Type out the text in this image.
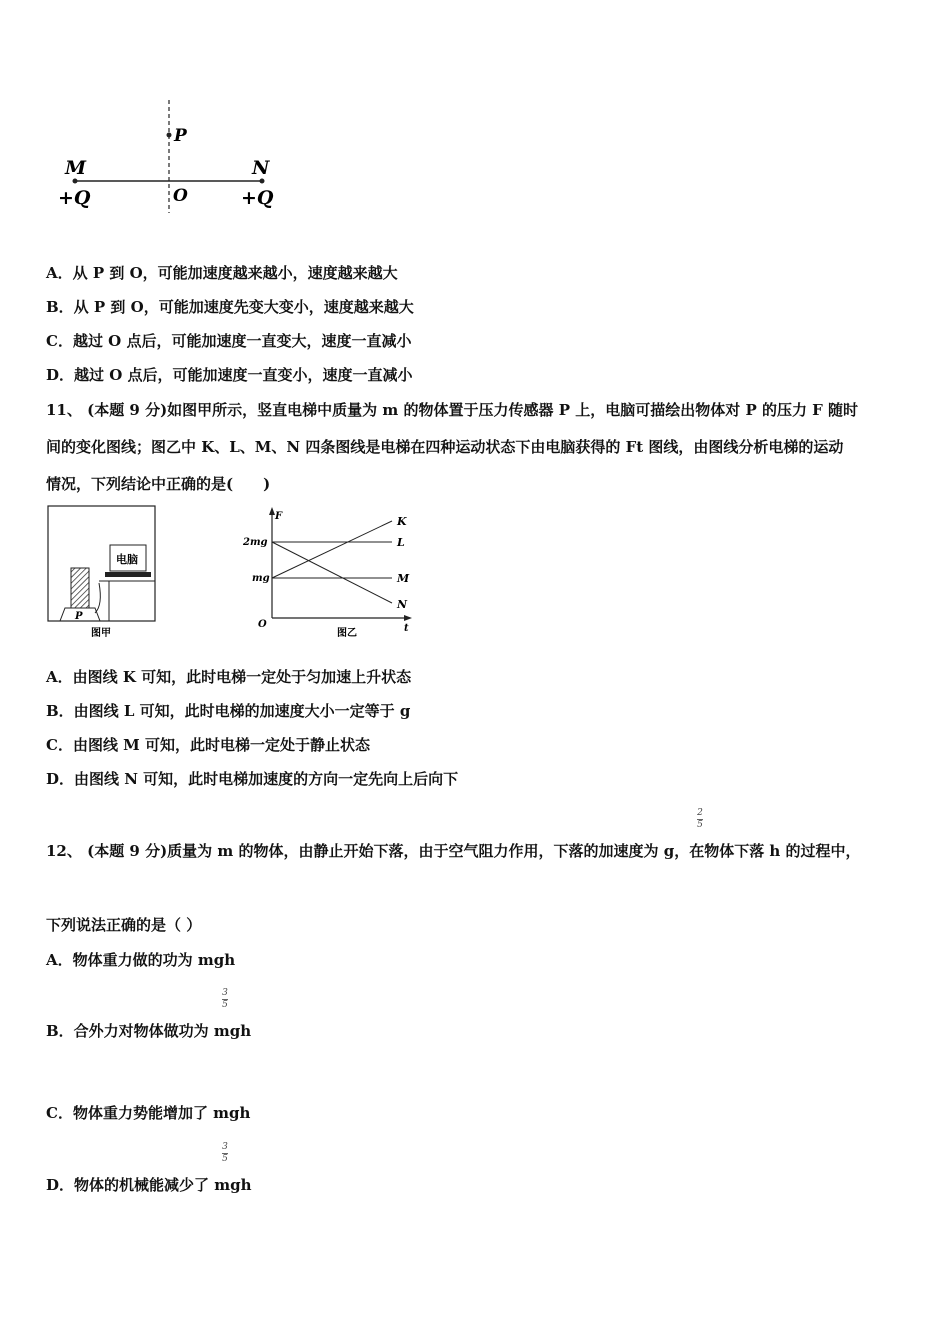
P
M	N
O
+Q	+Q
A．从 P 到 O，可能加速度越来越小，速度越来越大
B．从 P 到 O，可能加速度先变大变小，速度越来越大
C．越过 O 点后，可能加速度一直变大，速度一直减小
D．越过 O 点后，可能加速度一直变小，速度一直减小
11、 (本题 9 分)如图甲所示，竖直电梯中质量为 m 的物体置于压力传感器 P 上，电脑可描绘出物体对 P 的压力 F 随时
间的变化图线；图乙中 K、L、M、N 四条图线是电梯在四种运动状态下由电脑获得的 Ft 图线，由图线分析电梯的运动
情况，下列结论中正确的是(　　)
P
电脑
图甲
F
t
O
2mg
mg
K
L
M
N
图乙
A．由图线 K 可知，此时电梯一定处于匀加速上升状态
B．由图线 L 可知，此时电梯的加速度大小一定等于 g
C．由图线 M 可知，此时电梯一定处于静止状态
D．由图线 N 可知，此时电梯加速度的方向一定先向上后向下
2
5
12、 (本题 9 分)质量为 m 的物体，由静止开始下落，由于空气阻力作用，下落的加速度为 g，在物体下落 h 的过程中，
下列说法正确的是（ ）
A．物体重力做的功为 mgh
3
5
B．合外力对物体做功为 mgh
C．物体重力势能增加了 mgh
3
5
D．物体的机械能减少了 mgh
